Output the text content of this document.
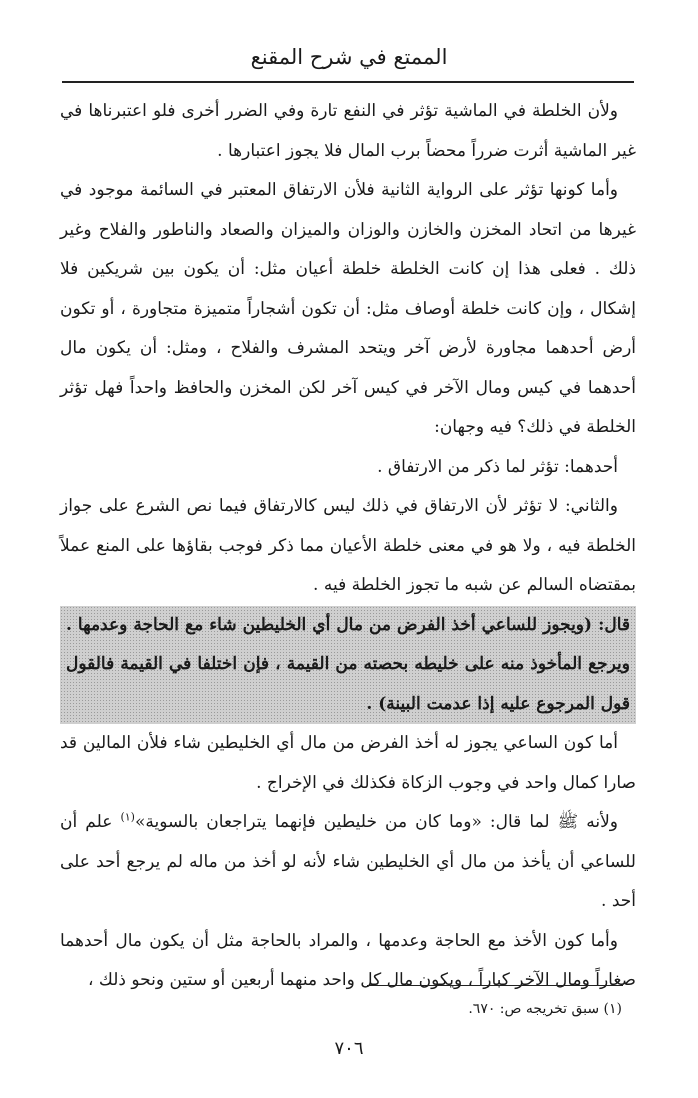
الممتع في شرح المقنع

ولأن الخلطة في الماشية تؤثر في النفع تارة وفي الضرر أخرى فلو اعتبرناها في غير الماشية أثرت ضرراً محضاً برب المال فلا يجوز اعتبارها .

وأما كونها تؤثر على الرواية الثانية فلأن الارتفاق المعتبر في السائمة موجود في غيرها من اتحاد المخزن والخازن والوزان والميزان والصعاد والناطور والفلاح وغير ذلك . فعلى هذا إن كانت الخلطة خلطة أعيان مثل: أن يكون بين شريكين فلا إشكال ، وإن كانت خلطة أوصاف مثل: أن تكون أشجاراً متميزة متجاورة ، أو تكون أرض أحدهما مجاورة لأرض آخر ويتحد المشرف والفلاح ، ومثل: أن يكون مال أحدهما في كيس ومال الآخر في كيس آخر لكن المخزن والحافظ واحداً فهل تؤثر الخلطة في ذلك؟ فيه وجهان:

أحدهما: تؤثر لما ذكر من الارتفاق .

والثاني: لا تؤثر لأن الارتفاق في ذلك ليس كالارتفاق فيما نص الشرع على جواز الخلطة فيه ، ولا هو في معنى خلطة الأعيان مما ذكر فوجب بقاؤها على المنع عملاً بمقتضاه السالم عن شبه ما تجوز الخلطة فيه .

قال: (ويجوز للساعي أخذ الفرض من مال أي الخليطين شاء مع الحاجة وعدمها . ويرجع المأخوذ منه على خليطه بحصته من القيمة ، فإن اختلفا في القيمة فالقول قول المرجوع عليه إذا عدمت البينة) .

أما كون الساعي يجوز له أخذ الفرض من مال أي الخليطين شاء فلأن المالين قد صارا كمال واحد في وجوب الزكاة فكذلك في الإخراج .

ولأنه ﷺ لما قال: «وما كان من خليطين فإنهما يتراجعان بالسوية»$^{(١)}$ علم أن للساعي أن يأخذ من مال أي الخليطين شاء لأنه لو أخذ من ماله لم يرجع أحد على أحد .

وأما كون الأخذ مع الحاجة وعدمها ، والمراد بالحاجة مثل أن يكون مال أحدهما صغاراً ومال الآخر كباراً ، ويكون مال كل واحد منهما أربعين أو ستين ونحو ذلك ،

(١) سبق تخريجه ص: ٦٧٠.
٧٠٦
